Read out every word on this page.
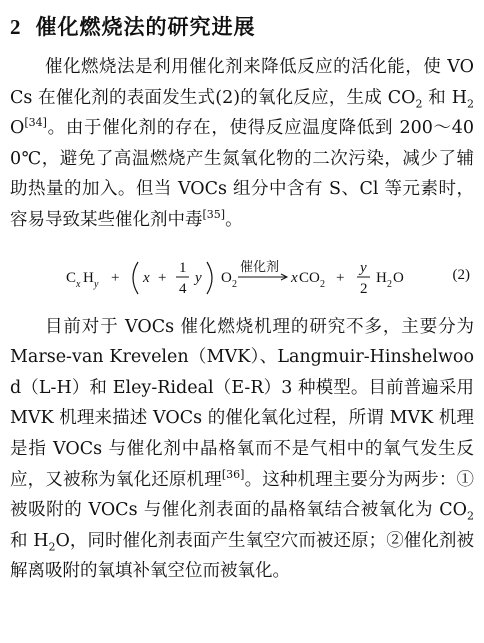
2 催化燃烧法的研究进展

催化燃烧法是利用催化剂来降低反应的活化能，使 VOCs 在催化剂的表面发生式(2)的氧化反应，生成 $CO_2$ 和 $H_2O[34]$。由于催化剂的存在，使得反应温度降低到 200～400℃，避免了高温燃烧产生氮氧化物的二次污染，减少了辅助热量的加入。但当 VOCs 组分中含有 S、Cl 等元素时，容易导致某些催化剂中毒[35]。

C x H y + x +
1
4
y O 2
催化剂
x CO 2 +
y
2
H 2 O	(2)

目前对于 VOCs 催化燃烧机理的研究不多，主要分为 Marse-van Krevelen（MVK）、Langmuir-Hinshelwood（L-H）和 Eley-Rideal（E-R）3 种模型。目前普遍采用 MVK 机理来描述 VOCs 的催化氧化过程，所谓 MVK 机理是指 VOCs 与催化剂中晶格氧而不是气相中的氧气发生反应，又被称为氧化还原机理[36]。这种机理主要分为两步：①被吸附的 VOCs 与催化剂表面的晶格氧结合被氧化为 $CO_2$ 和 $H_2O$，同时催化剂表面产生氧空穴而被还原；②催化剂被解离吸附的氧填补氧空位而被氧化。
